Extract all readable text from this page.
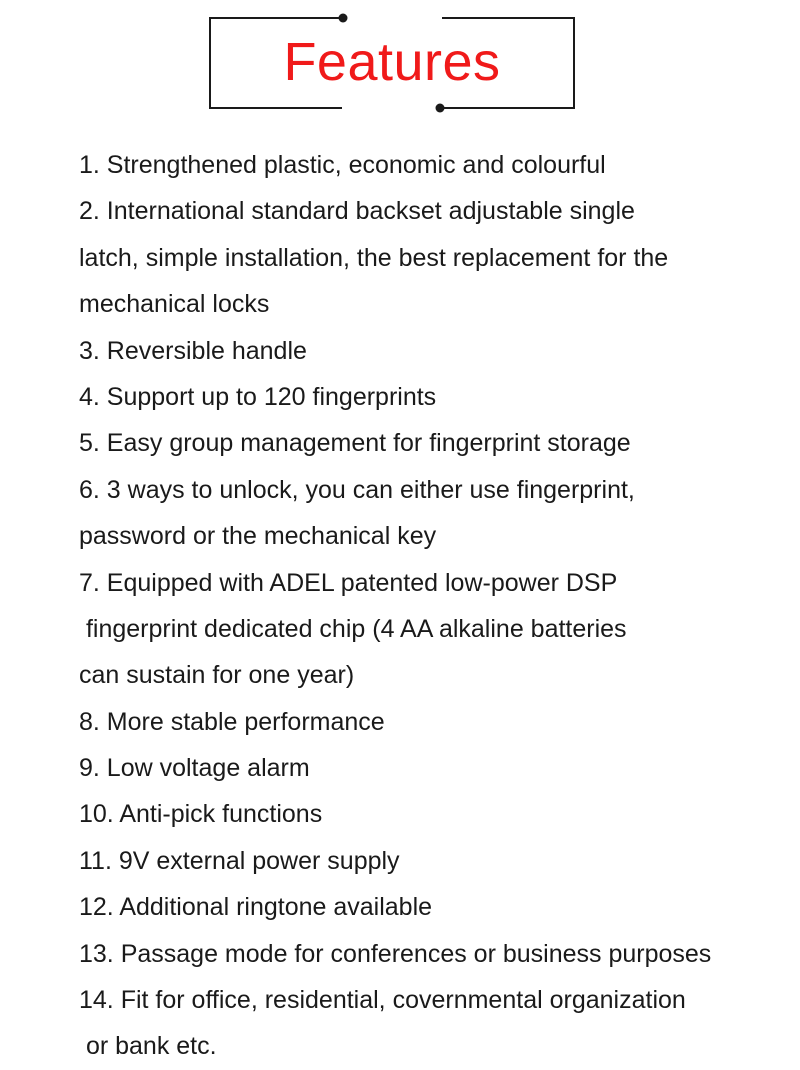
Features
1. Strengthened plastic, economic and colourful
2. International standard backset adjustable single
latch, simple installation, the best replacement for the
mechanical locks
3. Reversible handle
4. Support up to 120 fingerprints
5. Easy group management for fingerprint storage
6. 3 ways to unlock, you can either use fingerprint,
password or the mechanical key
7. Equipped with ADEL patented low-power DSP
fingerprint dedicated chip (4 AA alkaline batteries
can sustain for one year)
8. More stable performance
9. Low voltage alarm
10. Anti-pick functions
11. 9V external power supply
12. Additional ringtone available
13. Passage mode for conferences or business purposes
14. Fit for office, residential, covernmental organization
or bank etc.
